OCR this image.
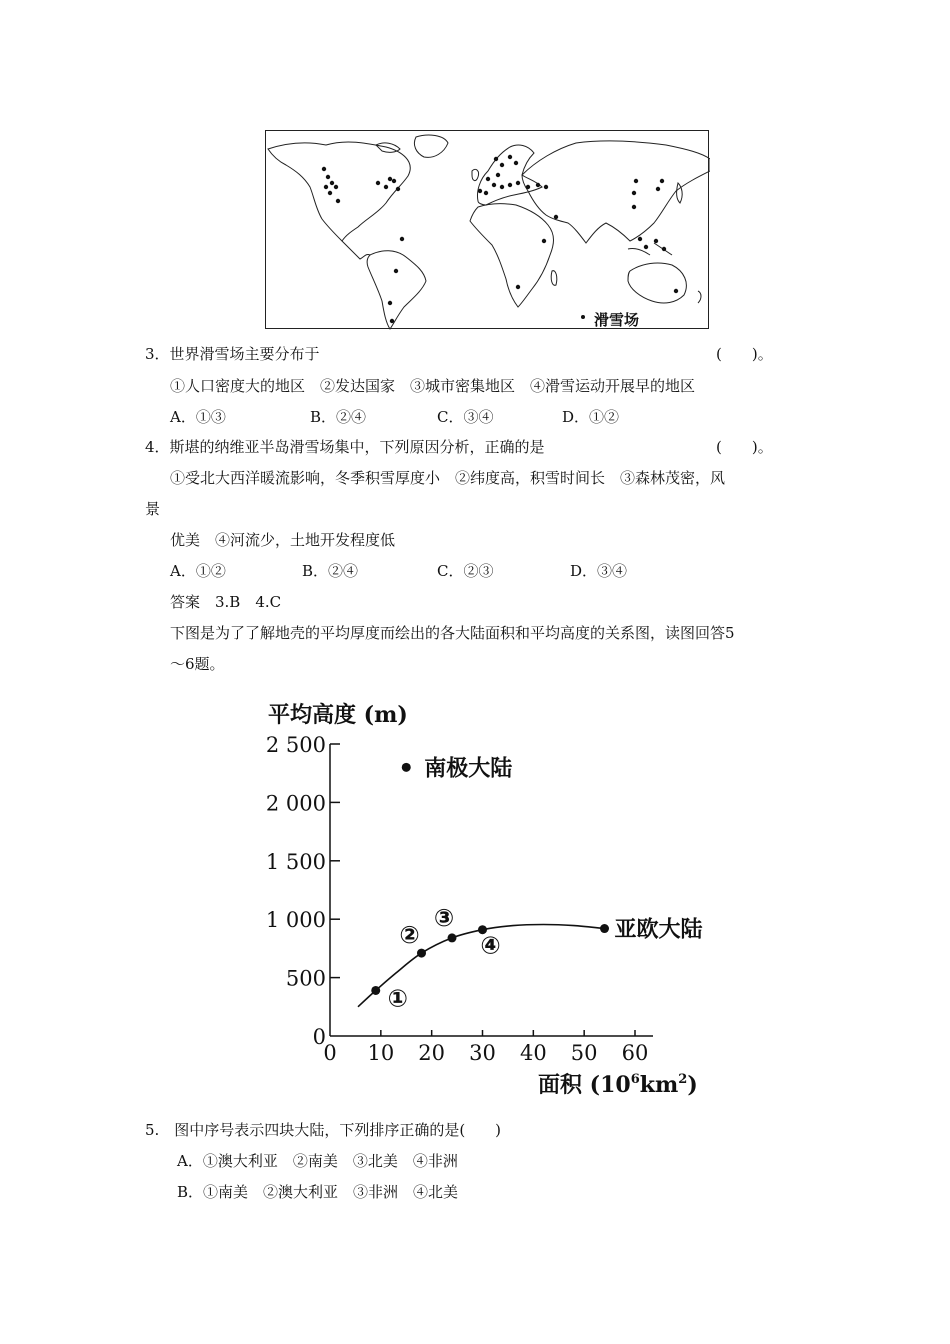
滑雪场
3．世界滑雪场主要分布于	(　　)。
①人口密度大的地区　②发达国家　③城市密集地区　④滑雪运动开展早的地区
A．①③	B．②④	C．③④	D．①②
4．斯堪的纳维亚半岛滑雪场集中，下列原因分析，正确的是	(　　)。
①受北大西洋暖流影响，冬季积雪厚度小　②纬度高，积雪时间长　③森林茂密，风
景
优美　④河流少，土地开发程度低
A．①②	B．②④	C．②③	D．③④
答案　3.B　4.C
下图是为了了解地壳的平均厚度而绘出的各大陆面积和平均高度的关系图，读图回答5
～6题。
平均高度 (m)
0
500
1 000
1 500
2 000
2 500
0 10 20 30 40 50 60
①
②
③
④
亚欧大陆
南极大陆
面积 $(10^6km^2)$
5.　图中序号表示四块大陆，下列排序正确的是(　　)
A．①澳大利亚　②南美　③北美　④非洲
B．①南美　②澳大利亚　③非洲　④北美
